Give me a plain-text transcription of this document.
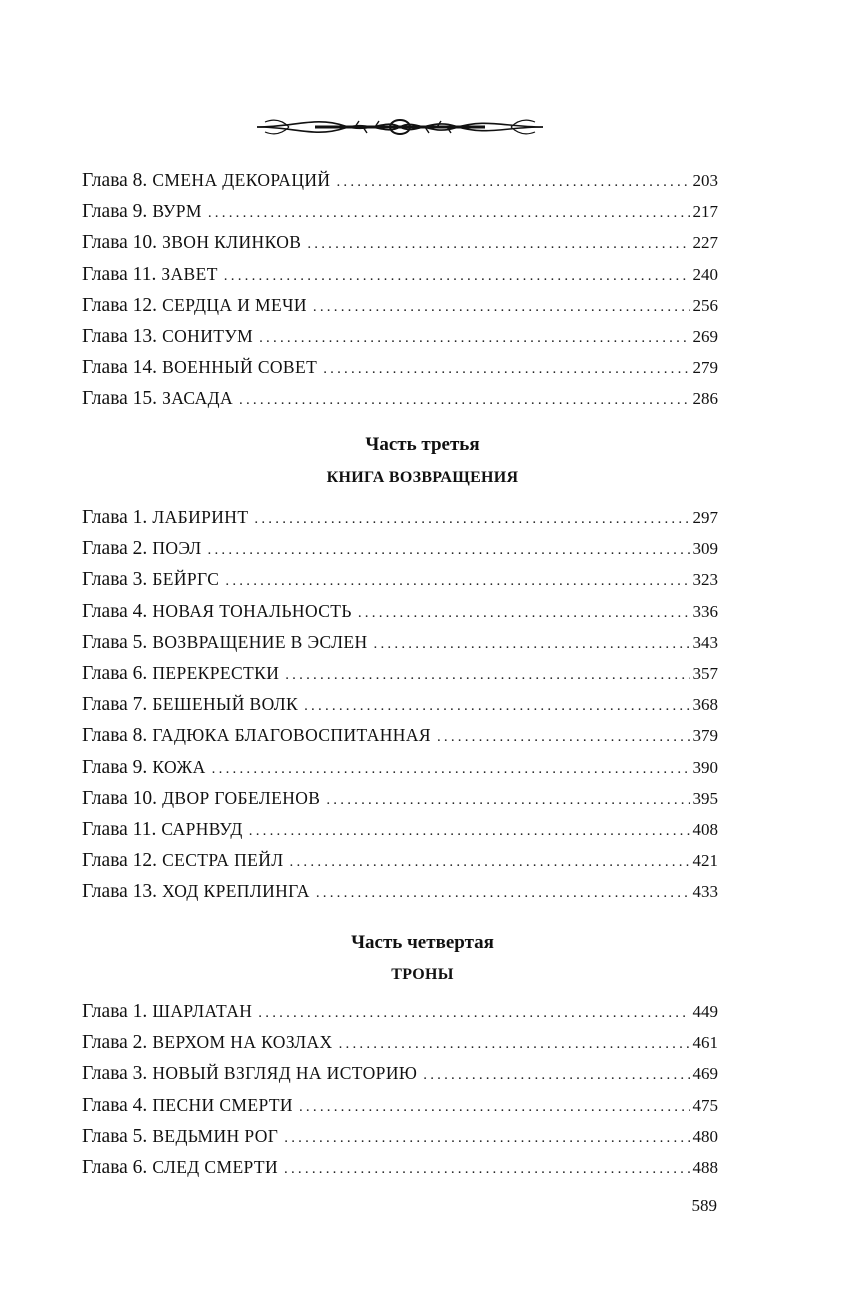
Глава 8. СМЕНА ДЕКОРАЦИЙ .....	203
Глава 9. ВУРМ .....	217
Глава 10. ЗВОН КЛИНКОВ .....	227
Глава 11. ЗАВЕТ .....	240
Глава 12. СЕРДЦА И МЕЧИ .....	256
Глава 13. СОНИТУМ .....	269
Глава 14. ВОЕННЫЙ СОВЕТ .....	279
Глава 15. ЗАСАДА .....	286
Часть третья
КНИГА ВОЗВРАЩЕНИЯ
Глава 1. ЛАБИРИНТ .....	297
Глава 2. ПОЭЛ .....	309
Глава 3. БЕЙРГС .....	323
Глава 4. НОВАЯ ТОНАЛЬНОСТЬ .....	336
Глава 5. ВОЗВРАЩЕНИЕ В ЭСЛЕН .....	343
Глава 6. ПЕРЕКРЕСТКИ .....	357
Глава 7. БЕШЕНЫЙ ВОЛК .....	368
Глава 8. ГАДЮКА БЛАГОВОСПИТАННАЯ .....	379
Глава 9. КОЖА .....	390
Глава 10. ДВОР ГОБЕЛЕНОВ .....	395
Глава 11. САРНВУД .....	408
Глава 12. СЕСТРА ПЕЙЛ .....	421
Глава 13. ХОД КРЕПЛИНГА .....	433
Часть четвертая
ТРОНЫ
Глава 1. ШАРЛАТАН .....	449
Глава 2. ВЕРХОМ НА КОЗЛАХ .....	461
Глава 3. НОВЫЙ ВЗГЛЯД НА ИСТОРИЮ .....	469
Глава 4. ПЕСНИ СМЕРТИ .....	475
Глава 5. ВЕДЬМИН РОГ .....	480
Глава 6. СЛЕД СМЕРТИ .....	488
589
